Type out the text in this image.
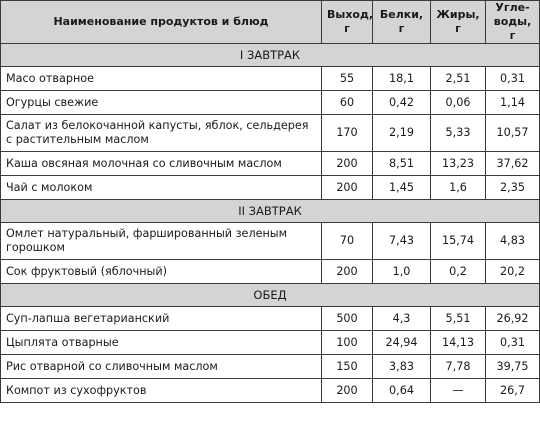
Наименование продуктов и блюд	Выход, г	Белки, г	Жиры, г	Угле-воды, г
I ЗАВТРАК				
Масо отварное	55	18,1	2,51	0,31
Огурцы свежие	60	0,42	0,06	1,14
Салат из белокочанной капусты, яблок, сельдерея с растительным маслом	170	2,19	5,33	10,57
Каша овсяная молочная со сливочным маслом	200	8,51	13,23	37,62
Чай с молоком	200	1,45	1,6	2,35
II ЗАВТРАК				
Омлет натуральный, фаршированный зеленым горошком	70	7,43	15,74	4,83
Сок фруктовый (яблочный)	200	1,0	0,2	20,2
ОБЕД				
Суп-лапша вегетарианский	500	4,3	5,51	26,92
Цыплята отварные	100	24,94	14,13	0,31
Рис отварной со сливочным маслом	150	3,83	7,78	39,75
Компот из сухофруктов	200	0,64	—	26,7
